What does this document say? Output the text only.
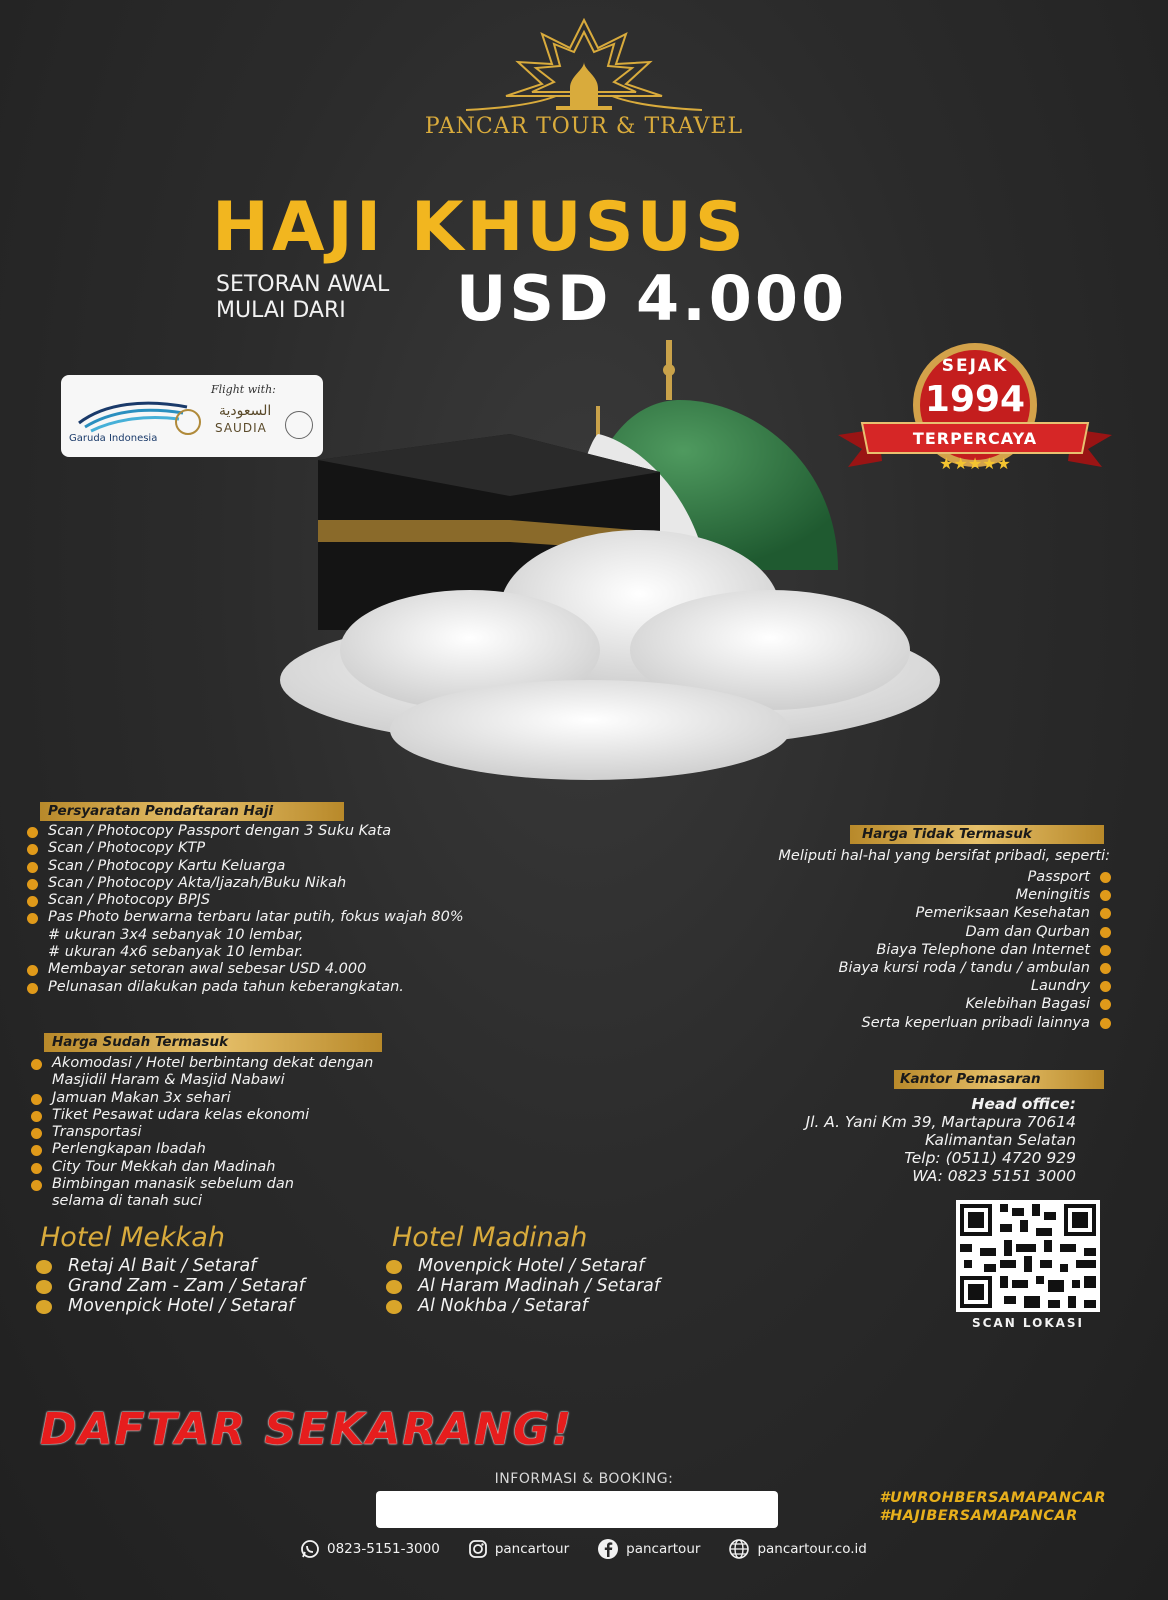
PANCAR TOUR & TRAVEL
HAJI KHUSUS
SETORAN AWAL
MULAI DARI	USD 4.000
Flight with:
Garuda Indonesia
السعودية
SAUDIA
SEJAK
1994
TERPERCAYA
★★★★★
Persyaratan Pendaftaran Haji
Scan / Photocopy Passport dengan 3 Suku Kata
Scan / Photocopy KTP
Scan / Photocopy Kartu Keluarga
Scan / Photocopy Akta/Ijazah/Buku Nikah
Scan / Photocopy BPJS
Pas Photo berwarna terbaru latar putih, fokus wajah 80%
# ukuran 3x4 sebanyak 10 lembar,
# ukuran 4x6 sebanyak 10 lembar.
Membayar setoran awal sebesar USD 4.000
Pelunasan dilakukan pada tahun keberangkatan.
Harga Sudah Termasuk
Akomodasi / Hotel berbintang dekat dengan
Masjidil Haram & Masjid Nabawi
Jamuan Makan 3x sehari
Tiket Pesawat udara kelas ekonomi
Transportasi
Perlengkapan Ibadah
City Tour Mekkah dan Madinah
Bimbingan manasik sebelum dan
selama di tanah suci
Harga Tidak Termasuk
Meliputi hal-hal yang bersifat pribadi, seperti:
Passport
Meningitis
Pemeriksaan Kesehatan
Dam dan Qurban
Biaya Telephone dan Internet
Biaya kursi roda / tandu / ambulan
Laundry
Kelebihan Bagasi
Serta keperluan pribadi lainnya
Hotel Mekkah
Retaj Al Bait / Setaraf
Grand Zam - Zam / Setaraf
Movenpick Hotel / Setaraf
Hotel Madinah
Movenpick Hotel / Setaraf
Al Haram Madinah / Setaraf
Al Nokhba / Setaraf
Kantor Pemasaran
Head office:
Jl. A. Yani Km 39, Martapura 70614
Kalimantan Selatan
Telp: (0511) 4720 929
WA: 0823 5151 3000
SCAN LOKASI
DAFTAR SEKARANG!
INFORMASI & BOOKING:
#UMROHBERSAMAPANCAR
#HAJIBERSAMAPANCAR
0823-5151-3000	pancartour	pancartour	pancartour.co.id
